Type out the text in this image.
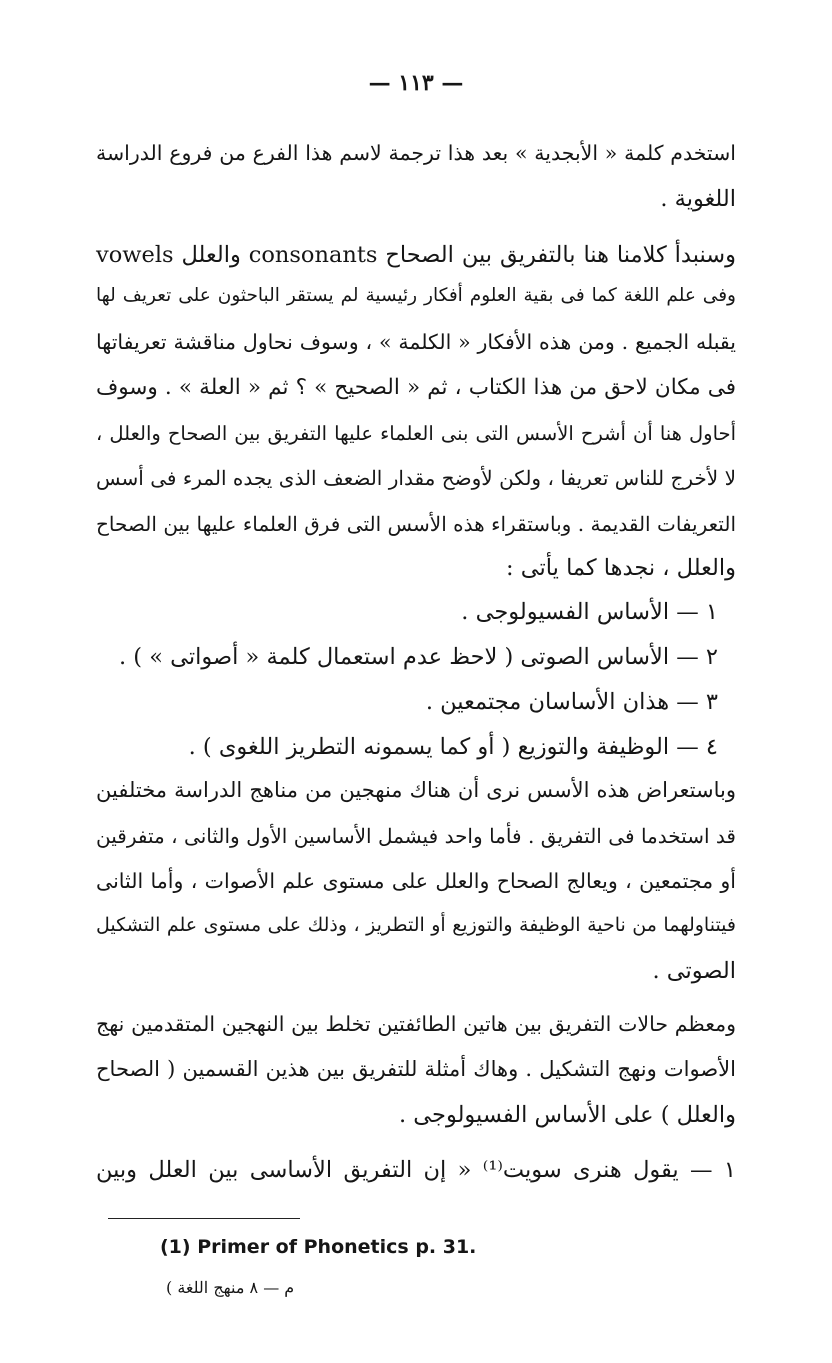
— ١١٣ —
استخدم كلمة « الأبجدية » بعد هذا ترجمة لاسم هذا الفرع من فروع الدراسة
اللغوية .
وسنبدأ كلامنا هنا بالتفريق بين الصحاح consonants والعلل vowels
وفى علم اللغة كما فى بقية العلوم أفكار رئيسية لم يستقر الباحثون على تعريف لها
يقبله الجميع . ومن هذه الأفكار « الكلمة » ، وسوف نحاول مناقشة تعريفاتها
فى مكان لاحق من هذا الكتاب ، ثم « الصحيح » ؟ ثم « العلة » . وسوف
أحاول هنا أن أشرح الأسس التى بنى العلماء عليها التفريق بين الصحاح والعلل ،
لا لأخرج للناس تعريفا ، ولكن لأوضح مقدار الضعف الذى يجده المرء فى أسس
التعريفات القديمة . وباستقراء هذه الأسس التى فرق العلماء عليها بين الصحاح
والعلل ، نجدها كما يأتى :
١ — الأساس الفسيولوجى .
٢ — الأساس الصوتى ( لاحظ عدم استعمال كلمة « أصواتى » ) .
٣ — هذان الأساسان مجتمعين .
٤ — الوظيفة والتوزيع ( أو كما يسمونه التطريز اللغوى ) .
وباستعراض هذه الأسس نرى أن هناك منهجين من مناهج الدراسة مختلفين
قد استخدما فى التفريق . فأما واحد فيشمل الأساسين الأول والثانى ، متفرقين
أو مجتمعين ، ويعالج الصحاح والعلل على مستوى علم الأصوات ، وأما الثانى
فيتناولهما من ناحية الوظيفة والتوزيع أو التطريز ، وذلك على مستوى علم التشكيل
الصوتى .
ومعظم حالات التفريق بين هاتين الطائفتين تخلط بين النهجين المتقدمين نهج
الأصوات ونهج التشكيل . وهاك أمثلة للتفريق بين هذين القسمين ( الصحاح
والعلل ) على الأساس الفسيولوجى .
١ — يقول هنرى سويت⁽¹⁾ « إن التفريق الأساسى بين العلل وبين
(1) Primer of Phonetics p. 31.
م — ٨ منهج اللغة )
